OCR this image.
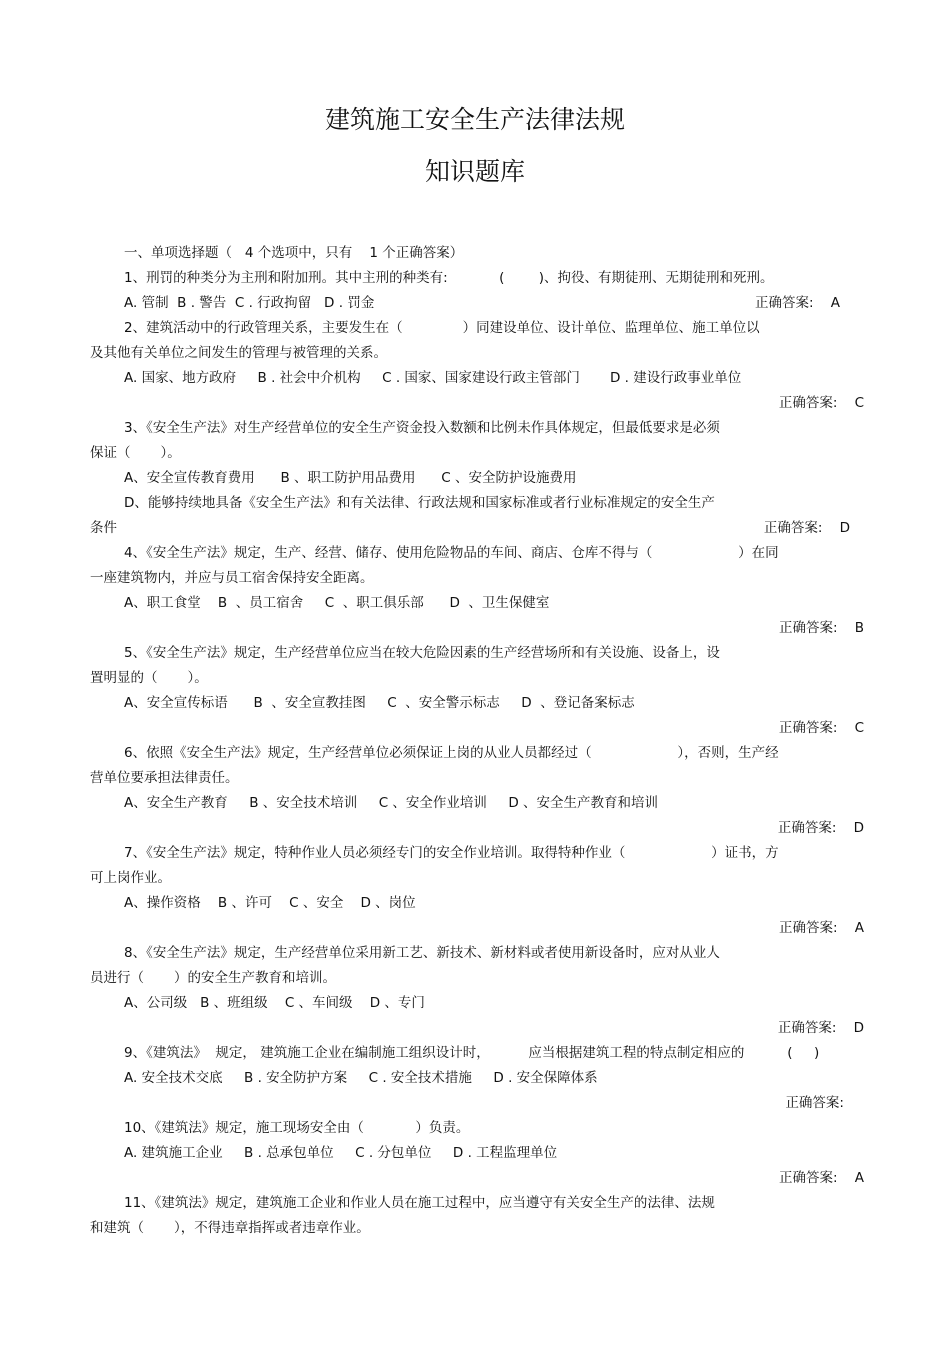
建筑施工安全生产法律法规
知识题库
一、单项选择题（   4 个选项中，只有    1 个正确答案）
1、刑罚的种类分为主刑和附加刑。其中主刑的种类有:            (        )、拘役、有期徒刑、无期徒刑和死刑。
A. 管制  B . 警告  C . 行政拘留   D . 罚金	正确答案:    A
2、建筑活动中的行政管理关系，主要发生在（              ）同建设单位、设计单位、监理单位、施工单位以
及其他有关单位之间发生的管理与被管理的关系。
A. 国家、地方政府     B . 社会中介机构     C . 国家、国家建设行政主管部门       D . 建设行政事业单位
正确答案:    C
3、《安全生产法》对生产经营单位的安全生产资金投入数额和比例未作具体规定，但最低要求是必须
保证（       ）。
A、安全宣传教育费用      B 、职工防护用品费用      C 、安全防护设施费用
D、能够持续地具备《安全生产法》和有关法律、行政法规和国家标准或者行业标准规定的安全生产
条件	正确答案:    D
4、《安全生产法》规定，生产、经营、储存、使用危险物品的车间、商店、仓库不得与（                    ）在同
一座建筑物内，并应与员工宿舍保持安全距离。
A、职工食堂    B  、员工宿舍     C  、职工俱乐部      D  、卫生保健室
正确答案:    B
5、《安全生产法》规定，生产经营单位应当在较大危险因素的生产经营场所和有关设施、设备上，设
置明显的（       ）。
A、安全宣传标语      B  、安全宣教挂图     C  、安全警示标志     D  、登记备案标志
正确答案:    C
6、依照《安全生产法》规定，生产经营单位必须保证上岗的从业人员都经过（                    ），否则，生产经
营单位要承担法律责任。
A、安全生产教育     B 、安全技术培训     C 、安全作业培训     D 、安全生产教育和培训
正确答案:    D
7、《安全生产法》规定，特种作业人员必须经专门的安全作业培训。取得特种作业（                    ）证书，方
可上岗作业。
A、操作资格    B 、许可    C 、安全    D 、岗位
正确答案:    A
8、《安全生产法》规定，生产经营单位采用新工艺、新技术、新材料或者使用新设备时，应对从业人
员进行（       ）的安全生产教育和培训。
A、公司级   B 、班组级    C 、车间级    D 、专门
正确答案:    D
9、《建筑法》  规定， 建筑施工企业在编制施工组织设计时，         应当根据建筑工程的特点制定相应的          (     )
A. 安全技术交底     B . 安全防护方案     C . 安全技术措施     D . 安全保障体系
正确答案:
10、《建筑法》规定，施工现场安全由（            ）负责。
A. 建筑施工企业     B . 总承包单位     C . 分包单位     D . 工程监理单位
正确答案:    A
11、《建筑法》规定，建筑施工企业和作业人员在施工过程中，应当遵守有关安全生产的法律、法规
和建筑（       ），不得违章指挥或者违章作业。
